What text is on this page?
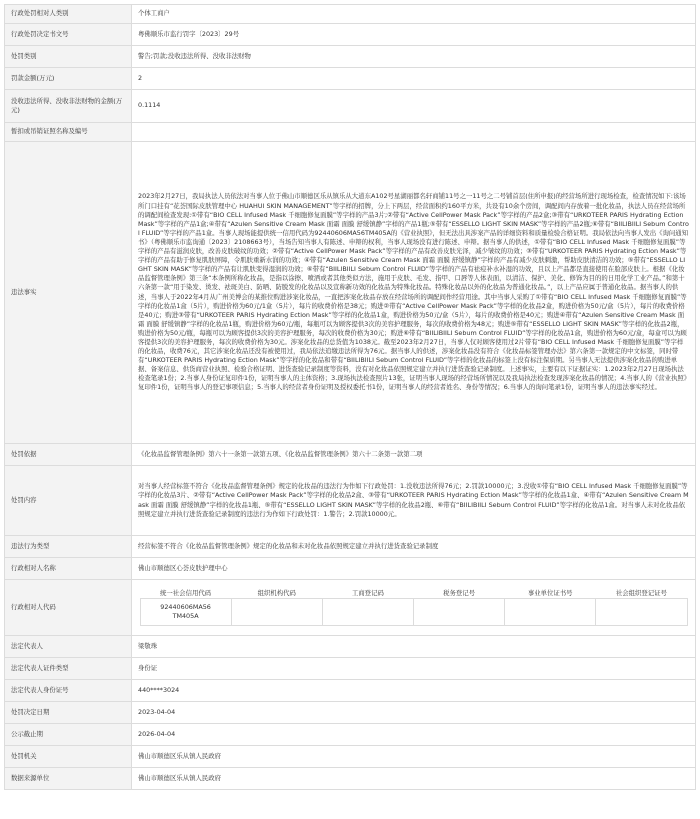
行政处罚相对人类别	个体工商户
行政处罚决定书文号	粤佛顺乐市监行罚字〔2023〕29号
处罚类别	警告;罚款;没收违法所得、没收非法财物
罚款金额(万元)	2
没收违法所得、没收非法财物的金额(万元)	0.1114
暂扣或吊销证照名称及编号	
违法事实	2023年2月27日，我局执法人员依法对当事人位于佛山市顺德区乐从镇乐从大道东A102号星湖丽都名轩商铺11号之一11号之二号铺首层(住所申报)的经营场所进行现场检查，检查情况如下:该场所门口挂有“花荟国际皮肤管理中心 HUAHUI SKIN MANAGEMENT”等字样的招牌，分上下两层，经营面积约160平方米，共设有10余个房间，调配间内存放着一批化妆品，执法人员在经营场所的调配间检查发现:①带有“BIO CELL Infused Mask 千细胞修复面膜”等字样的产品3片;②带有“Active CellPower Mask Pack”等字样的产品2盒;③带有“URKOTEER PARIS Hydrating Ection Mask”等字样的产品1盒;④带有“Azulen Sensitive Cream Mask 面霜 面膜 舒缓镇静”字样的产品1瓶;⑤带有“ESSELLO LIGHT SKIN MASK”等字样的产品2瓶;⑥带有“BIILIBIILI Sebum Control FLUID”等字样的产品1盒。当事人现场能提供统一信用代码为92440606MA56TM405A的《营业执照》，但无法出具涉案产品的详细资料和质量检验合格证明。我局依法向当事人发出《询问通知书》（粤佛顺乐市监询通〔2023〕2108663号），当场告知当事人有陈述、申辩的权利，当事人现场没有进行陈述、申辩。据当事人的供述，①带有“BIO CELL Infused Mask 千细胞修复面膜”等字样的产品有滋润皮肤，改善皮肤破纹的功效；②带有“Active CellPower Mask Pack”等字样的产品有改善皮肤光泽，减少皱纹的功效；③带有“URKOTEER PARIS Hydrating Ection Mask”等字样的产品有助于修复肌肤屏障，令肌肤重新水润的功效；④带有“Azulen Sensitive Cream Mask 面霜 面膜 舒缓镇静”字样的产品有减少皮肤刺激，帮助皮肤清洁的功效；⑤带有“ESSELLO LIGHT SKIN MASK”等字样的产品有让肌肤变得湿润的功效；⑥带有“BIILIBIILI Sebum Control FLUID”等字样的产品有祛痘补水补湿的功效，且以上产品都是直接使用在脸部皮肤上。根据《化妆品监督管理条例》第三条“本条例所称化妆品，是指以涂擦、喷洒或者其他类似方法，施用于皮肤、毛发、指甲、口唇等人体表面，以清洁、保护、美化、修饰为目的的日用化学工业产品。”和第十六条第一款“用于染发、烫发、祛斑美白、防晒、防脱发的化妆品以及宣称新功效的化妆品为特殊化妆品。特殊化妆品以外的化妆品为普通化妆品。”，以上产品应属于普通化妆品。据当事人的供述，当事人于2022年4月从广州美博会的某推位购进涉案化妆品，一直把涉案化妆品存放在经营场所的调配间作经营用途。其中当事人采购了①带有“BIO CELL Infused Mask 千细胞修复面膜”等字样的化妆品1盒（5片），购进价格为60元/1盒（5片），每片的收费价格是38元；购进②带有“Active CellPower Mask Pack”等字样的化妆品2盒，购进价格为50元/盒（5片），每片的收费价格是40元；购进③带有“URKOTEER PARIS Hydrating Ection Mask”等字样的化妆品1盒，购进价格为50元/盒（5片），每片的收费价格是40元；购进④带有“Azulen Sensitive Cream Mask 面霜 面膜 舒缓镇静”字样的化妆品1瓶，购进价格为60元/瓶，每瓶可以为顾客提供3次的美容护理服务，每次的收费价格为48元；购进⑤带有“ESSELLO LIGHT SKIN MASK”等字样的化妆品2瓶，购进价格为50元/瓶，每瓶可以为顾客提供3次的美容护理服务，每次的收费价格为30元；购进⑥带有“BIILIBIILI Sebum Control FLUID”等字样的化妆品1盒，购进价格为60元/盒，每盒可以为顾客提供3次的美容护理服务，每次的收费价格为30元。涉案化妆品的总货值为1038元。截至2023年2月27日，当事人仅对顾客使用过2片带有“BIO CELL Infused Mask 千细胞修复面膜”等字样的化妆品，收费76元，其它涉案化妆品还没有被使用过，我局依法追缴违法所得为76元。据当事人的供述，涉案化妆品没有符合《化妆品标签管理办法》第六条第一款规定的中文标签，同时带有“URKOTEER PARIS Hydrating Ection Mask”等字样的化妆品和带有“BIILIBIILI Sebum Control FLUID”等字样的化妆品的标签上没有标注保质期。另当事人无法提供涉案化妆品的购进单据、备案信息、供货商营业执照、检验合格证明、进货查验记录制度等资料，没有对化妆品依照规定建立并执行进货查验记录制度。上述事实，主要有以下证据证实：1.2023年2月27日现场执法检查笔录1份；2.当事人身份证复印件1份，证明当事人的主体资格；3.现场执法检查照片13张，证明当事人现场的经营场所情况以及我局执法检查发现涉案化妆品的情况；4.当事人的《营业执照》复印件1份，证明当事人的登记事项信息；5.当事人的经营者身份证明及授权委托书1份，证明当事人的经营者姓名、身份等情况；6.当事人的询问笔录1份，证明当事人的违法事实经过。
处罚依据	《化妆品监督管理条例》第六十一条第一款第五项、《化妆品监督管理条例》第六十二条第一款第二项
处罚内容	对当事人经营标签不符合《化妆品监督管理条例》规定的化妆品的违法行为作如下行政处罚：1.没收违法所得76元；2.罚款10000元；3.没收①带有“BIO CELL Infused Mask 千细胞修复面膜”等字样的化妆品3片、②带有“Active CellPower Mask Pack”等字样的化妆品2盒、③带有“URKOTEER PARIS Hydrating Ection Mask”等字样的化妆品1盒、④带有“Azulen Sensitive Cream Mask 面霜 面膜 舒缓镇静”字样的化妆品1瓶、⑤带有“ESSELLO LIGHT SKIN MASK”等字样的化妆品2瓶、⑥带有“BIILIBIILI Sebum Control FLUID”等字样的化妆品1盒。对当事人未对化妆品依照规定建立并执行进货查验记录制度的违法行为作如下行政处罚：1.警告；2.罚款10000元。
违法行为类型	经营标签不符合《化妆品监督管理条例》规定的化妆品和未对化妆品依照规定建立并执行进货查验记录制度
行政相对人名称	佛山市顺德区心荟皮肤护理中心
行政相对人代码	
统一社会信用代码	组织机构代码	工商登记码	税务登记号	事业单位证书号	社会组织登记证号
92440606MA56TM405A					

法定代表人	梁敬珠
法定代表人证件类型	身份证
法定代表人身份证号	440****3024
处罚决定日期	2023-04-04
公示截止期	2026-04-04
处罚机关	佛山市顺德区乐从镇人民政府
数据来源单位	佛山市顺德区乐从镇人民政府
